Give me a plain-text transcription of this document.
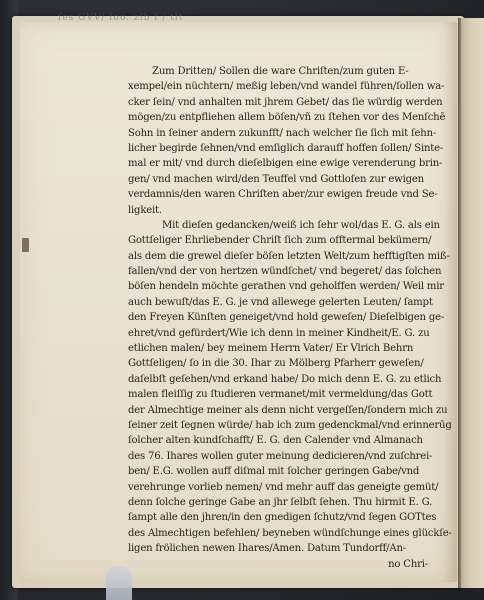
ſes GVV/ ſoo. zlb ſ / tlt
Zum Dritten/ Sollen die ware Chriſten/zum guten E-
xempel/ein nüchtern/ meßig leben/vnd wandel führen/ſollen wa-
cker ſein/ vnd anhalten mit jhrem Gebet/ das ſie würdig werden
mögen/zu entpfliehen allem böſen/vñ zu ſtehen vor des Menſchē
Sohn in ſeiner andern zukunfft/ nach welcher ſie ſich mit ſehn-
licher begirde ſehnen/vnd emſiglich darauff hoffen ſollen/ Sinte-
mal er mit/ vnd durch dieſelbigen eine ewige verenderung brin-
gen/ vnd machen wird/den Teuffel vnd Gottloſen zur ewigen
verdamnis/den waren Chriſten aber/zur ewigen freude vnd Se-
ligkeit.
Mit dieſen gedancken/weiß ich ſehr wol/das E. G. als ein
Gottſeliger Ehrliebender Chriſt ſich zum offtermal bekümern/
als dem die grewel dieſer böſen letzten Welt/zum hefftigſten miß-
fallen/vnd der von hertzen wündſchet/ vnd begeret/ das ſolchen
böſen hendeln möchte gerathen vnd geholffen werden/ Weil mir
auch bewuſt/das E. G. je vnd allewege gelerten Leuten/ ſampt
den Freyen Künſten geneiget/vnd hold geweſen/ Dieſelbigen ge-
ehret/vnd gefürdert/Wie ich denn in meiner Kindheit/E. G. zu
etlichen malen/ bey meinem Herrn Vater/ Er Vlrich Behrn
Gottſeligen/ ſo in die 30. Ihar zu Mölberg Pfarherr geweſen/
daſelbſt geſehen/vnd erkand habe/ Do mich denn E. G. zu etlich
malen fleiſſig zu ſtudieren vermanet/mit vermeldung/das Gott
der Almechtige meiner als denn nicht vergeſſen/ſondern mich zu
ſeiner zeit ſegnen würde/ hab ich zum gedenckmal/vnd erinnerūg
ſolcher alten kundſchafft/ E. G. den Calender vnd Almanach
des 76. Ihares wollen guter meinung dedicieren/vnd zuſchrei-
ben/ E.G. wollen auff diſmal mit ſolcher geringen Gabe/vnd
verehrunge vorlieb nemen/ vnd mehr auff das geneigte gemüt/
denn ſolche geringe Gabe an jhr ſelbſt ſehen. Thu hirmit E. G.
ſampt alle den jhren/in den gnedigen ſchutz/vnd ſegen GOTtes
des Almechtigen befehlen/ beyneben wündſchunge eines glückſe-
ligen frölichen newen Ihares/Amen. Datum Tundorff/An-
no Chri-
